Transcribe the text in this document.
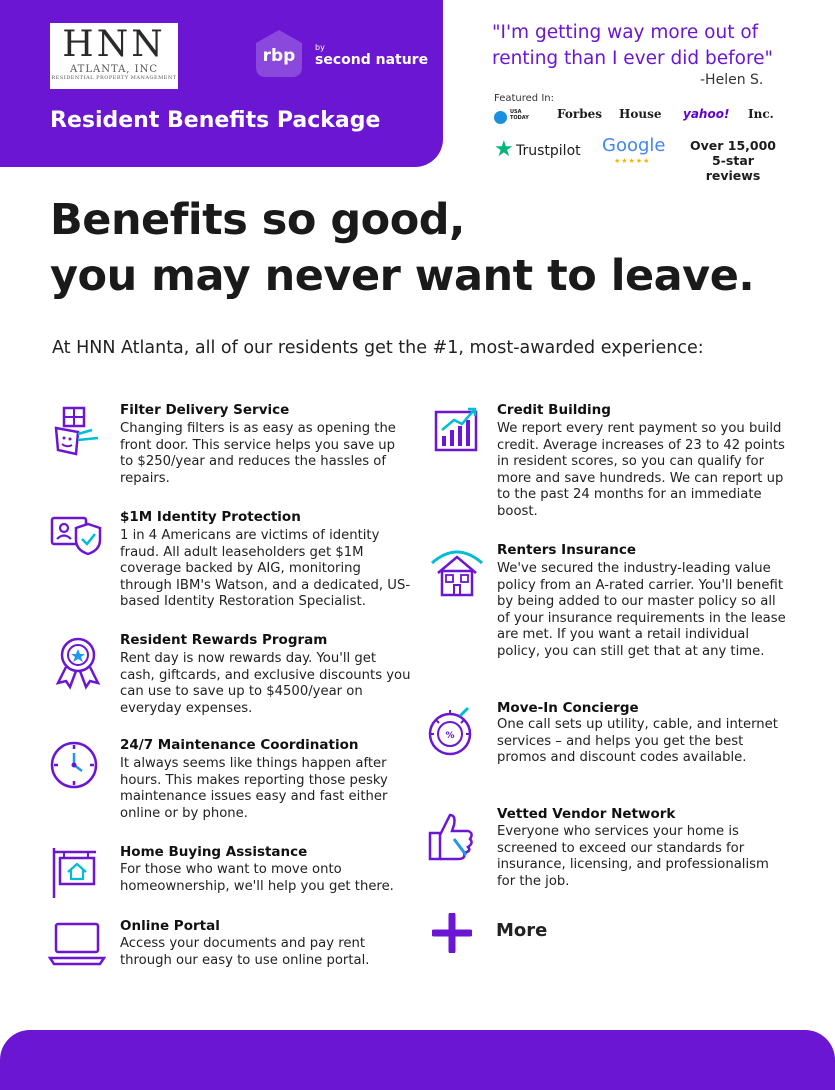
HNN
ATLANTA, INC
RESIDENTIAL PROPERTY MANAGEMENT
rbp by
second nature
Resident Benefits Package
"I'm getting way more out of renting than I ever did before"
-Helen S.
Featured In:
USA TODAY Forbes House yahoo! Inc.
★ Trustpilot Google
★★★★★
Over 15,000 5-star reviews
Benefits so good,
you may never want to leave.
At HNN Atlanta, all of our residents get the #1, most-awarded experience:
Filter Delivery Service
Changing filters is as easy as opening the front door. This service helps you save up to $250/year and reduces the hassles of repairs.
$1M Identity Protection
1 in 4 Americans are victims of identity fraud. All adult leaseholders get $1M coverage backed by AIG, monitoring through IBM's Watson, and a dedicated, US-based Identity Restoration Specialist.
Resident Rewards Program
Rent day is now rewards day. You'll get cash, giftcards, and exclusive discounts you can use to save up to $4500/year on everyday expenses.
24/7 Maintenance Coordination
It always seems like things happen after hours. This makes reporting those pesky maintenance issues easy and fast either online or by phone.
Home Buying Assistance
For those who want to move onto homeownership, we'll help you get there.
Online Portal
Access your documents and pay rent through our easy to use online portal.
Credit Building
We report every rent payment so you build credit. Average increases of 23 to 42 points in resident scores, so you can qualify for more and save hundreds. We can report up to the past 24 months for an immediate boost.
Renters Insurance
We've secured the industry-leading value policy from an A-rated carrier. You'll benefit by being added to our master policy so all of your insurance requirements in the lease are met. If you want a retail individual policy, you can still get that at any time.
%
Move-In Concierge
One call sets up utility, cable, and internet services – and helps you get the best promos and discount codes available.
Vetted Vendor Network
Everyone who services your home is screened to exceed our standards for insurance, licensing, and professionalism for the job.
More
